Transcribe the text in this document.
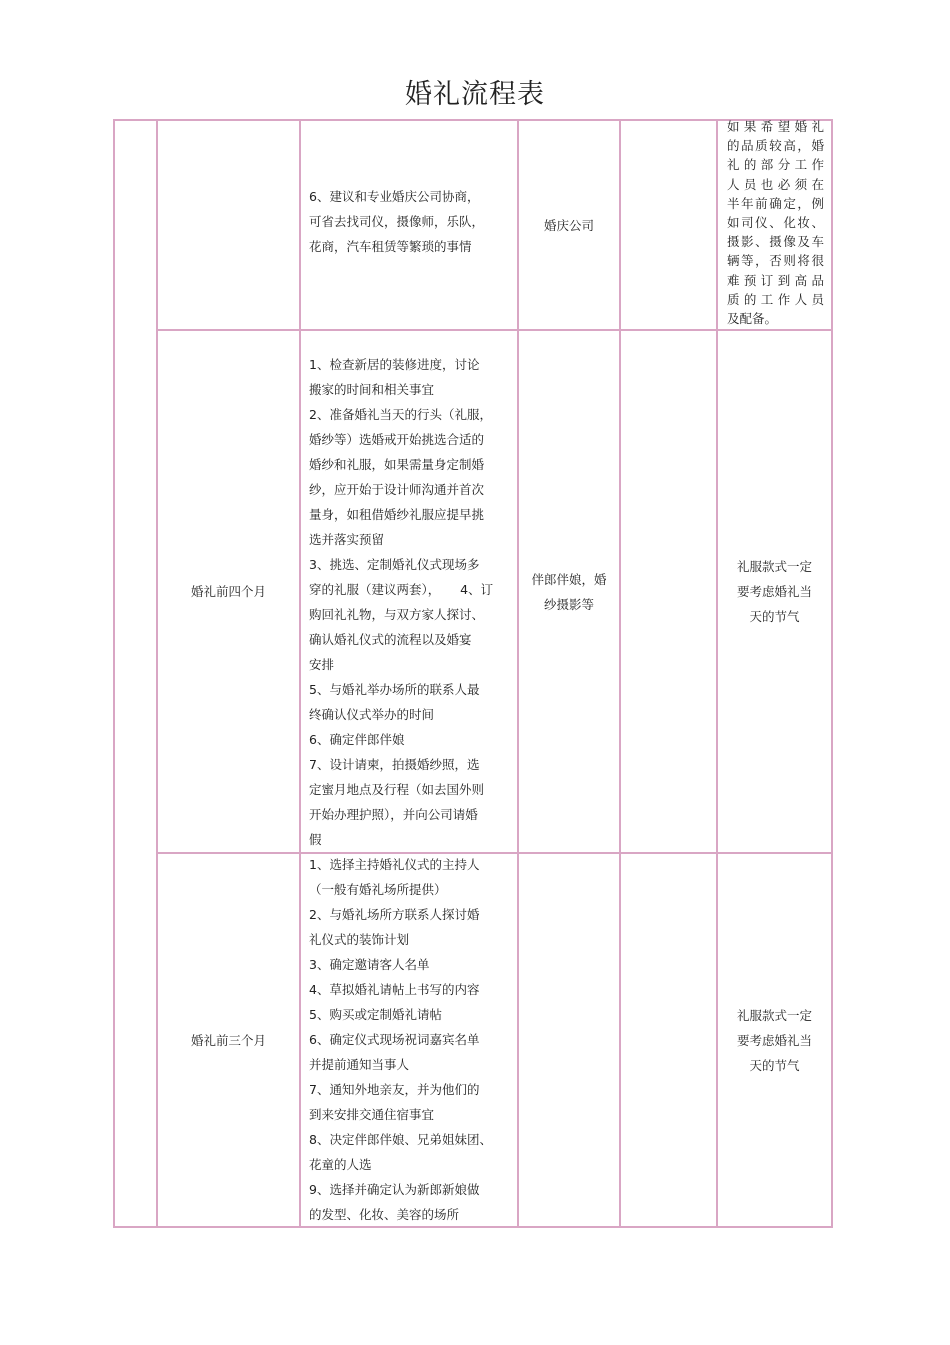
婚礼流程表
6、建议和专业婚庆公司协商，
可省去找司仪，摄像师，乐队，
花商，汽车租赁等繁琐的事情
婚庆公司
如果希望婚礼
的品质较高，婚
礼的部分工作
人员也必须在
半年前确定，例
如司仪、化妆、
摄影、摄像及车
辆等，否则将很
难预订到高品
质的工作人员
及配备。
婚礼前四个月
1、检查新居的装修进度，讨论
搬家的时间和相关事宜
2、准备婚礼当天的行头（礼服，
婚纱等）选婚戒开始挑选合适的
婚纱和礼服，如果需量身定制婚
纱，应开始于设计师沟通并首次
量身，如租借婚纱礼服应提早挑
选并落实预留
3、挑选、定制婚礼仪式现场多
穿的礼服（建议两套），     4、订
购回礼礼物，与双方家人探讨、
确认婚礼仪式的流程以及婚宴
安排
5、与婚礼举办场所的联系人最
终确认仪式举办的时间
6、确定伴郎伴娘
7、设计请柬，拍摄婚纱照，选
定蜜月地点及行程（如去国外则
开始办理护照），并向公司请婚
假
伴郎伴娘，婚
纱摄影等
礼服款式一定
要考虑婚礼当
天的节气
婚礼前三个月
1、选择主持婚礼仪式的主持人
（一般有婚礼场所提供）
2、与婚礼场所方联系人探讨婚
礼仪式的装饰计划
3、确定邀请客人名单
4、草拟婚礼请帖上书写的内容
5、购买或定制婚礼请帖
6、确定仪式现场祝词嘉宾名单
并提前通知当事人
7、通知外地亲友，并为他们的
到来安排交通住宿事宜
8、决定伴郎伴娘、兄弟姐妹团、
花童的人选
9、选择并确定认为新郎新娘做
的发型、化妆、美容的场所
礼服款式一定
要考虑婚礼当
天的节气
